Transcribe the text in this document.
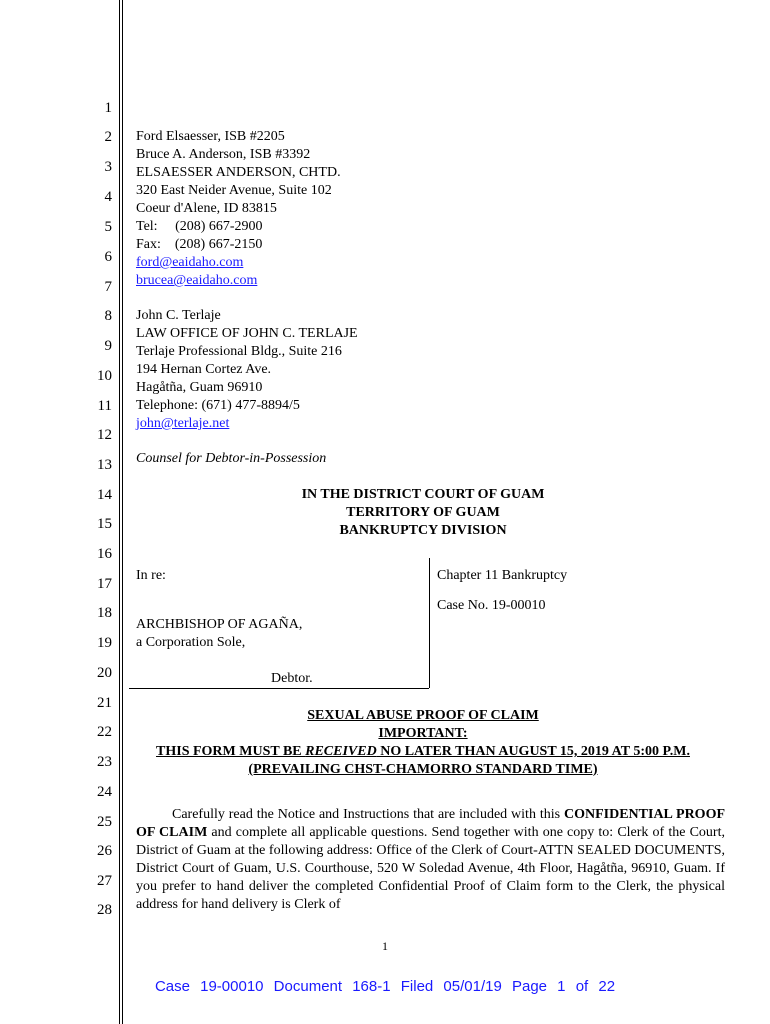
1
2
3
4
5
6
7
8
9
10
11
12
13
14
15
16
17
18
19
20
21
22
23
24
25
26
27
28
Ford Elsaesser, ISB #2205
Bruce A. Anderson, ISB #3392
ELSAESSER ANDERSON, CHTD.
320 East Neider Avenue, Suite 102
Coeur d'Alene, ID 83815
Tel:     (208) 667-2900
Fax:    (208) 667-2150
ford@eaidaho.com
brucea@eaidaho.com
John C. Terlaje
LAW OFFICE OF JOHN C. TERLAJE
Terlaje Professional Bldg., Suite 216
194 Hernan Cortez Ave.
Hagåtña, Guam 96910
Telephone: (671) 477-8894/5
john@terlaje.net
Counsel for Debtor-in-Possession
IN THE DISTRICT COURT OF GUAM
TERRITORY OF GUAM
BANKRUPTCY DIVISION
In re:
ARCHBISHOP OF AGAÑA,
a Corporation Sole,
Debtor.
Chapter 11 Bankruptcy
Case No. 19-00010
SEXUAL ABUSE PROOF OF CLAIM
IMPORTANT:
THIS FORM MUST BE RECEIVED NO LATER THAN AUGUST 15, 2019 AT 5:00 P.M.
(PREVAILING CHST-CHAMORRO STANDARD TIME)
Carefully read the Notice and Instructions that are included with this CONFIDENTIAL PROOF OF CLAIM and complete all applicable questions. Send together with one copy to: Clerk of the Court, District of Guam at the following address: Office of the Clerk of Court-ATTN SEALED DOCUMENTS, District Court of Guam, U.S. Courthouse, 520 W Soledad Avenue, 4th Floor, Hagåtña, 96910, Guam. If you prefer to hand deliver the completed Confidential Proof of Claim form to the Clerk, the physical address for hand delivery is Clerk of
1
Case 19-00010 Document 168-1 Filed 05/01/19 Page 1 of 22
